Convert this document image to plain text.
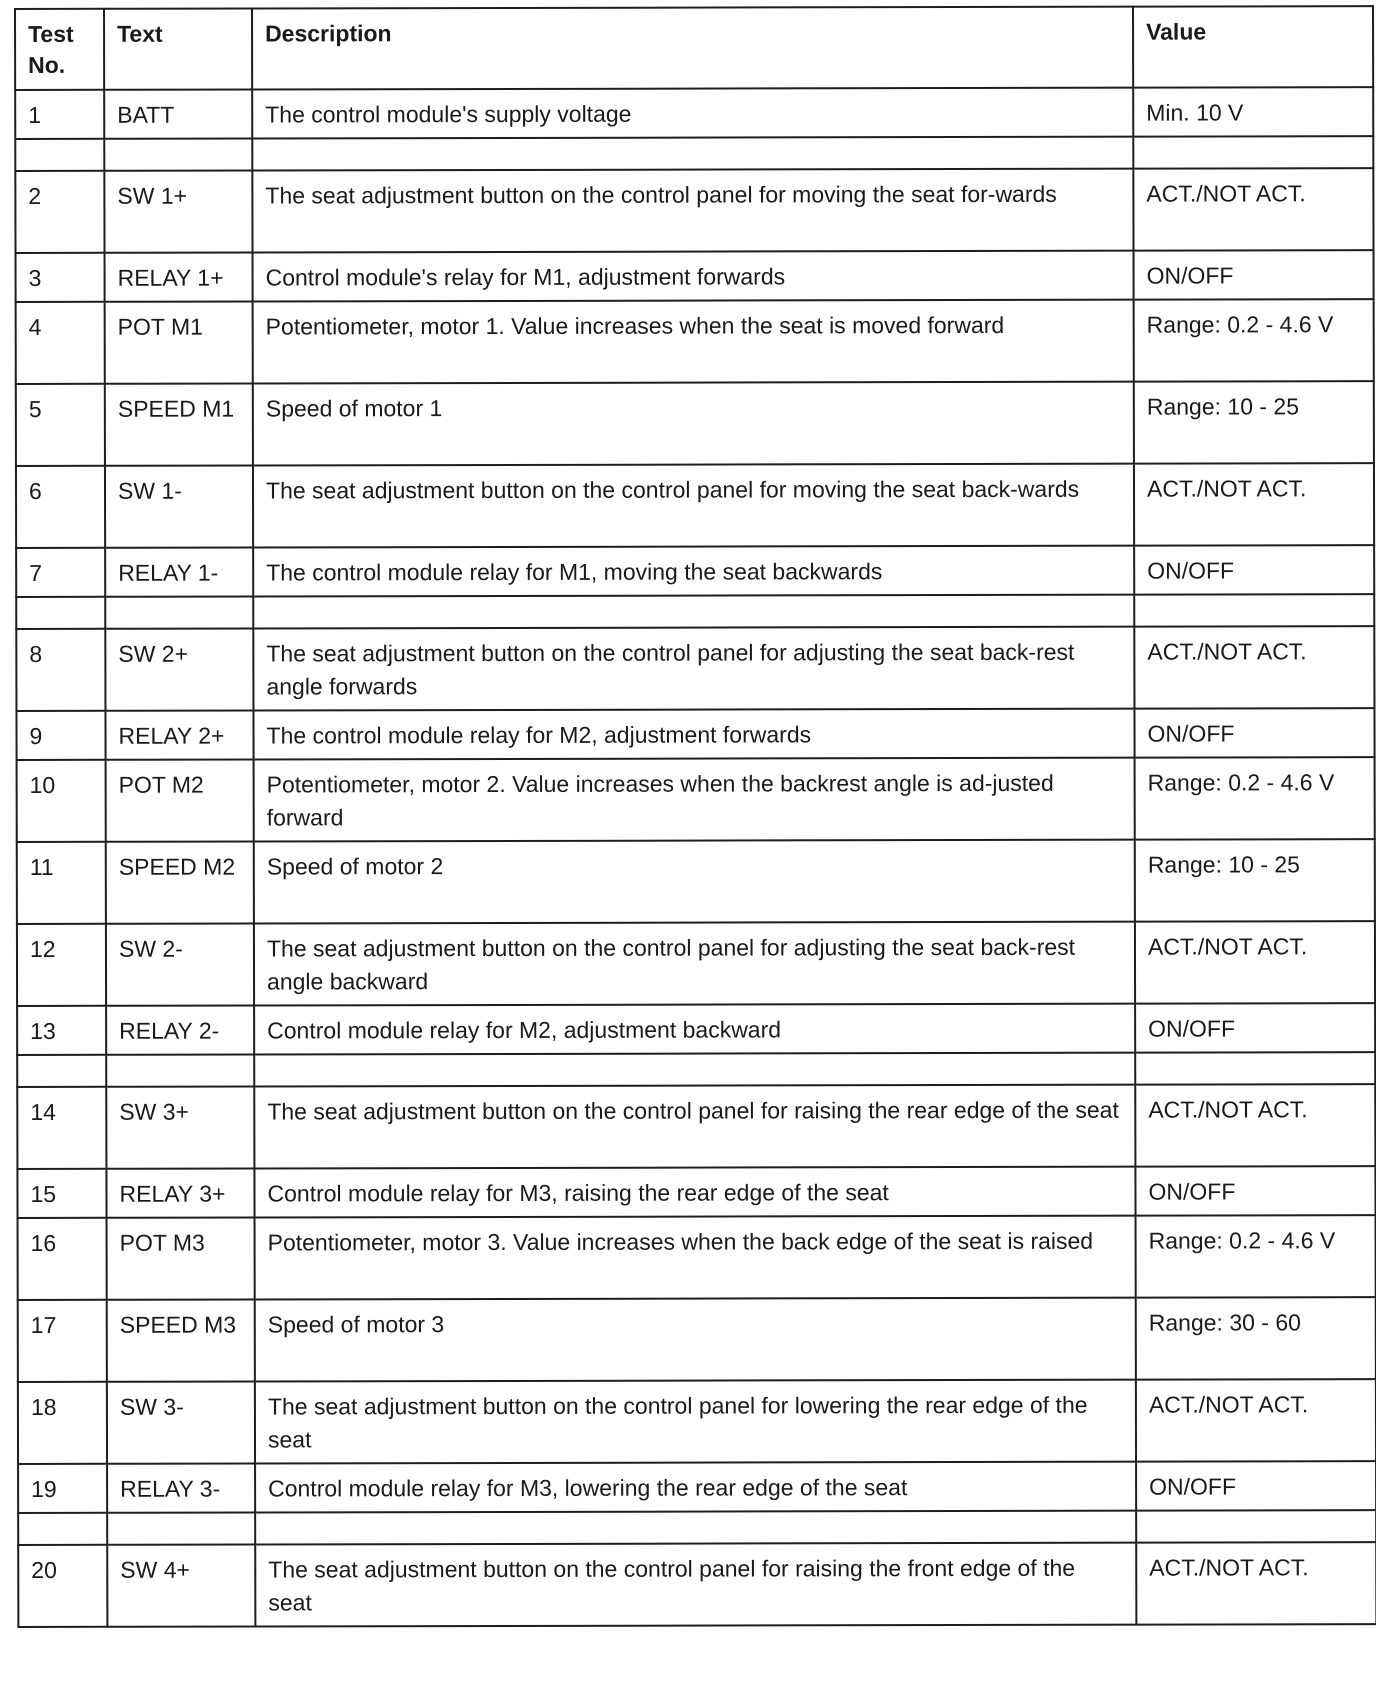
Test No.	Text	Description	Value
1	BATT	The control module's supply voltage	Min. 10 V

2	SW 1+	The seat adjustment button on the control panel for moving the seat for-wards	ACT./NOT ACT.
3	RELAY 1+	Control module's relay for M1, adjustment forwards	ON/OFF
4	POT M1	Potentiometer, motor 1. Value increases when the seat is moved forward	Range: 0.2 - 4.6 V
5	SPEED M1	Speed of motor 1	Range: 10 - 25
6	SW 1-	The seat adjustment button on the control panel for moving the seat back-wards	ACT./NOT ACT.
7	RELAY 1-	The control module relay for M1, moving the seat backwards	ON/OFF

8	SW 2+	The seat adjustment button on the control panel for adjusting the seat back-rest angle forwards	ACT./NOT ACT.
9	RELAY 2+	The control module relay for M2, adjustment forwards	ON/OFF
10	POT M2	Potentiometer, motor 2. Value increases when the backrest angle is ad-justed forward	Range: 0.2 - 4.6 V
11	SPEED M2	Speed of motor 2	Range: 10 - 25
12	SW 2-	The seat adjustment button on the control panel for adjusting the seat back-rest angle backward	ACT./NOT ACT.
13	RELAY 2-	Control module relay for M2, adjustment backward	ON/OFF

14	SW 3+	The seat adjustment button on the control panel for raising the rear edge of the seat	ACT./NOT ACT.
15	RELAY 3+	Control module relay for M3, raising the rear edge of the seat	ON/OFF
16	POT M3	Potentiometer, motor 3. Value increases when the back edge of the seat is raised	Range: 0.2 - 4.6 V
17	SPEED M3	Speed of motor 3	Range: 30 - 60
18	SW 3-	The seat adjustment button on the control panel for lowering the rear edge of the seat	ACT./NOT ACT.
19	RELAY 3-	Control module relay for M3, lowering the rear edge of the seat	ON/OFF

20	SW 4+	The seat adjustment button on the control panel for raising the front edge of the seat	ACT./NOT ACT.
